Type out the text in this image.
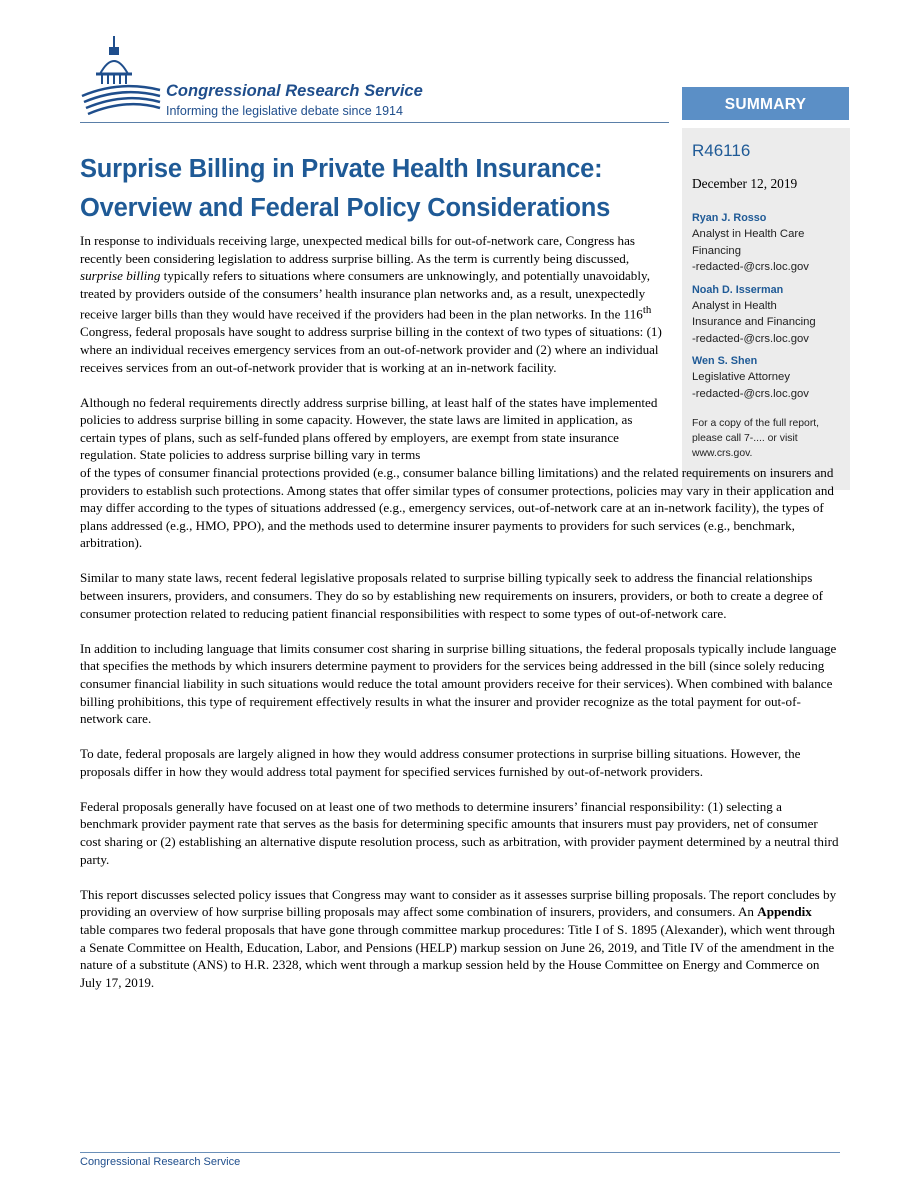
Congressional Research Service
Informing the legislative debate since 1914	SUMMARY
R46116
December 12, 2019
Ryan J. Rosso
Analyst in Health Care
Financing
-redacted-@crs.loc.gov
Noah D. Isserman
Analyst in Health
Insurance and Financing
-redacted-@crs.loc.gov
Wen S. Shen
Legislative Attorney
-redacted-@crs.loc.gov
For a copy of the full report, please call 7-.... or visit www.crs.gov.
Surprise Billing in Private Health Insurance: Overview and Federal Policy Considerations

In response to individuals receiving large, unexpected medical bills for out-of-network care, Congress has recently been considering legislation to address surprise billing. As the term is currently being discussed, surprise billing typically refers to situations where consumers are unknowingly, and potentially unavoidably, treated by providers outside of the consumers’ health insurance plan networks and, as a result, unexpectedly receive larger bills than they would have received if the providers had been in the plan networks. In the 116th Congress, federal proposals have sought to address surprise billing in the context of two types of situations: (1) where an individual receives emergency services from an out-of-network provider and (2) where an individual receives services from an out-of-network provider that is working at an in-network facility.

Although no federal requirements directly address surprise billing, at least half of the states have implemented policies to address surprise billing in some capacity. However, the state laws are limited in application, as certain types of plans, such as self-funded plans offered by employers, are exempt from state insurance regulation. State policies to address surprise billing vary in terms
of the types of consumer financial protections provided (e.g., consumer balance billing limitations) and the related requirements on insurers and providers to establish such protections. Among states that offer similar types of consumer protections, policies may vary in their application and may differ according to the types of situations addressed (e.g., emergency services, out-of-network care at an in-network facility), the types of plans addressed (e.g., HMO, PPO), and the methods used to determine insurer payments to providers for such services (e.g., benchmark, arbitration).

Similar to many state laws, recent federal legislative proposals related to surprise billing typically seek to address the financial relationships between insurers, providers, and consumers. They do so by establishing new requirements on insurers, providers, or both to create a degree of consumer protection related to reducing patient financial responsibilities with respect to some types of out-of-network care.

In addition to including language that limits consumer cost sharing in surprise billing situations, the federal proposals typically include language that specifies the methods by which insurers determine payment to providers for the services being addressed in the bill (since solely reducing consumer financial liability in such situations would reduce the total amount providers receive for their services). When combined with balance billing prohibitions, this type of requirement effectively results in what the insurer and provider recognize as the total payment for out-of-network care.

To date, federal proposals are largely aligned in how they would address consumer protections in surprise billing situations. However, the proposals differ in how they would address total payment for specified services furnished by out-of-network providers.

Federal proposals generally have focused on at least one of two methods to determine insurers’ financial responsibility: (1) selecting a benchmark provider payment rate that serves as the basis for determining specific amounts that insurers must pay providers, net of consumer cost sharing or (2) establishing an alternative dispute resolution process, such as arbitration, with provider payment determined by a neutral third party.

This report discusses selected policy issues that Congress may want to consider as it assesses surprise billing proposals. The report concludes by providing an overview of how surprise billing proposals may affect some combination of insurers, providers, and consumers. An Appendix table compares two federal proposals that have gone through committee markup procedures: Title I of S. 1895 (Alexander), which went through a Senate Committee on Health, Education, Labor, and Pensions (HELP) markup session on June 26, 2019, and Title IV of the amendment in the nature of a substitute (ANS) to H.R. 2328, which went through a markup session held by the House Committee on Energy and Commerce on July 17, 2019.

Congressional Research Service
